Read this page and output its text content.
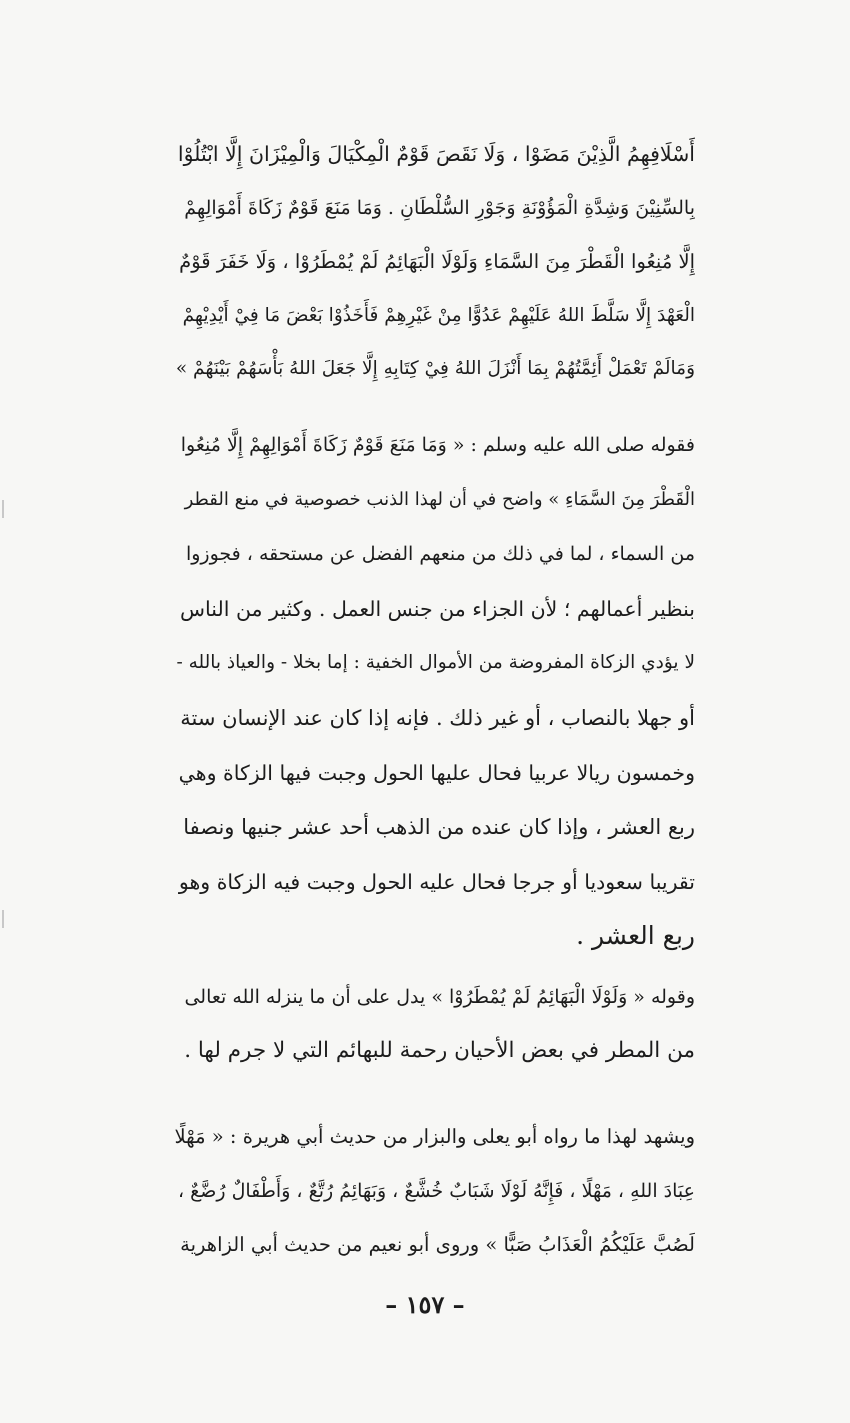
أَسْلَافِهِمُ الَّذِيْنَ مَضَوْا ، وَلَا نَقَصَ قَوْمٌ الْمِكْيَالَ وَالْمِيْزَانَ إِلَّا ابْتُلُوْا
بِالسِّنِيْنَ وَشِدَّةِ الْمَؤُوْنَةِ وَجَوْرِ السُّلْطَانِ . وَمَا مَنَعَ قَوْمٌ زَكَاةَ أَمْوَالِهِمْ
إِلَّا مُنِعُوا الْقَطْرَ مِنَ السَّمَاءِ وَلَوْلَا الْبَهَائِمُ لَمْ يُمْطَرُوْا ، وَلَا خَفَرَ قَوْمٌ
الْعَهْدَ إِلَّا سَلَّطَ اللهُ عَلَيْهِمْ عَدُوًّا مِنْ غَيْرِهِمْ فَأَخَذُوْا بَعْضَ مَا فِيْ أَيْدِيْهِمْ
وَمَالَمْ تَعْمَلْ أَئِمَّتُهُمْ بِمَا أَنْزَلَ اللهُ فِيْ كِتَابِهِ إِلَّا جَعَلَ اللهُ بَأْسَهُمْ بَيْنَهُمْ »
فقوله صلى الله عليه وسلم : « وَمَا مَنَعَ قَوْمٌ زَكَاةَ أَمْوَالِهِمْ إِلَّا مُنِعُوا
الْقَطْرَ مِنَ السَّمَاءِ » واضح في أن لهذا الذنب خصوصية في منع القطر
من السماء ، لما في ذلك من منعهم الفضل عن مستحقه ، فجوزوا
بنظير أعمالهم ؛ لأن الجزاء من جنس العمل . وكثير من الناس
لا يؤدي الزكاة المفروضة من الأموال الخفية : إما بخلا - والعياذ بالله -
أو جهلا بالنصاب ، أو غير ذلك . فإنه إذا كان عند الإنسان ستة
وخمسون ريالا عربيا فحال عليها الحول وجبت فيها الزكاة وهي
ربع العشر ، وإذا كان عنده من الذهب أحد عشر جنيها ونصفا
تقريبا سعوديا أو جرجا فحال عليه الحول وجبت فيه الزكاة وهو
ربع العشر .
وقوله « وَلَوْلَا الْبَهَائِمُ لَمْ يُمْطَرُوْا » يدل على أن ما ينزله الله تعالى
من المطر في بعض الأحيان رحمة للبهائم التي لا جرم لها .
ويشهد لهذا ما رواه أبو يعلى والبزار من حديث أبي هريرة : « مَهْلًا
عِبَادَ اللهِ ، مَهْلًا ، فَإِنَّهُ لَوْلَا شَبَابٌ خُشَّعٌ ، وَبَهَائِمُ رُتَّعٌ ، وَأَطْفَالٌ رُضَّعٌ ،
لَصُبَّ عَلَيْكُمُ الْعَذَابُ صَبًّا » وروى أبو نعيم من حديث أبي الزاهرية
– ١٥٧ –
